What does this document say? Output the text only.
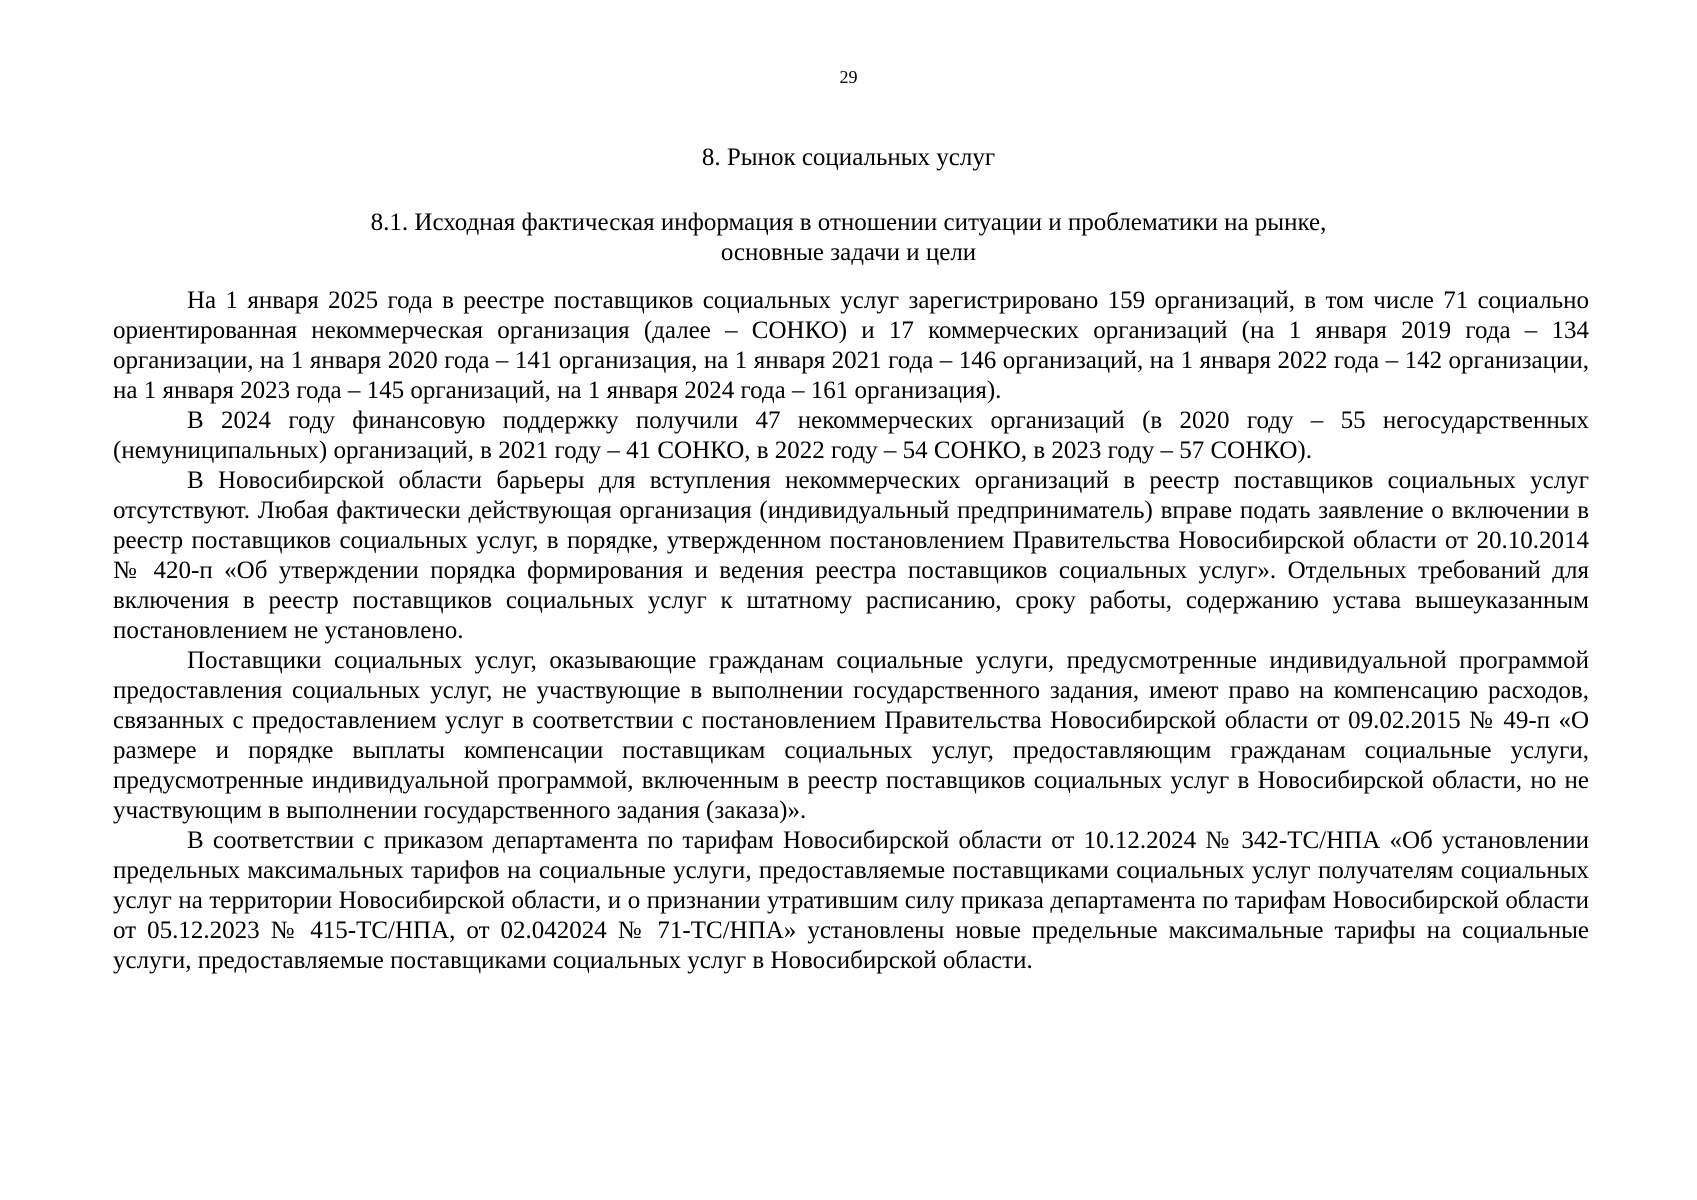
29
8. Рынок социальных услуг
8.1. Исходная фактическая информация в отношении ситуации и проблематики на рынке,
основные задачи и цели

На 1 января 2025 года в реестре поставщиков социальных услуг зарегистрировано 159 организаций, в том числе 71 социально ориентированная некоммерческая организация (далее – СОНКО) и 17 коммерческих организаций (на 1 января 2019 года – 134 организации, на 1 января 2020 года – 141 организация, на 1 января 2021 года – 146 организаций, на 1 января 2022 года – 142 организации, на 1 января 2023 года – 145 организаций, на 1 января 2024 года – 161 организация).

В 2024 году финансовую поддержку получили 47 некоммерческих организаций (в 2020 году – 55 негосударственных (немуниципальных) организаций, в 2021 году – 41 СОНКО, в 2022 году – 54 СОНКО, в 2023 году – 57 СОНКО).

В Новосибирской области барьеры для вступления некоммерческих организаций в реестр поставщиков социальных услуг отсутствуют. Любая фактически действующая организация (индивидуальный предприниматель) вправе подать заявление о включении в реестр поставщиков социальных услуг, в порядке, утвержденном постановлением Правительства Новосибирской области от 20.10.2014 № 420-п «Об утверждении порядка формирования и ведения реестра поставщиков социальных услуг». Отдельных требований для включения в реестр поставщиков социальных услуг к штатному расписанию, сроку работы, содержанию устава вышеуказанным постановлением не установлено.

Поставщики социальных услуг, оказывающие гражданам социальные услуги, предусмотренные индивидуальной программой предоставления социальных услуг, не участвующие в выполнении государственного задания, имеют право на компенсацию расходов, связанных с предоставлением услуг в соответствии с постановлением Правительства Новосибирской области от 09.02.2015 № 49-п «О размере и порядке выплаты компенсации поставщикам социальных услуг, предоставляющим гражданам социальные услуги, предусмотренные индивидуальной программой, включенным в реестр поставщиков социальных услуг в Новосибирской области, но не участвующим в выполнении государственного задания (заказа)».

В соответствии с приказом департамента по тарифам Новосибирской области от 10.12.2024 № 342-ТС/НПА «Об установлении предельных максимальных тарифов на социальные услуги, предоставляемые поставщиками социальных услуг получателям социальных услуг на территории Новосибирской области, и о признании утратившим силу приказа департамента по тарифам Новосибирской области от 05.12.2023 № 415-ТС/НПА, от 02.042024 № 71-ТС/НПА» установлены новые предельные максимальные тарифы на социальные услуги, предоставляемые поставщиками социальных услуг в Новосибирской области.
